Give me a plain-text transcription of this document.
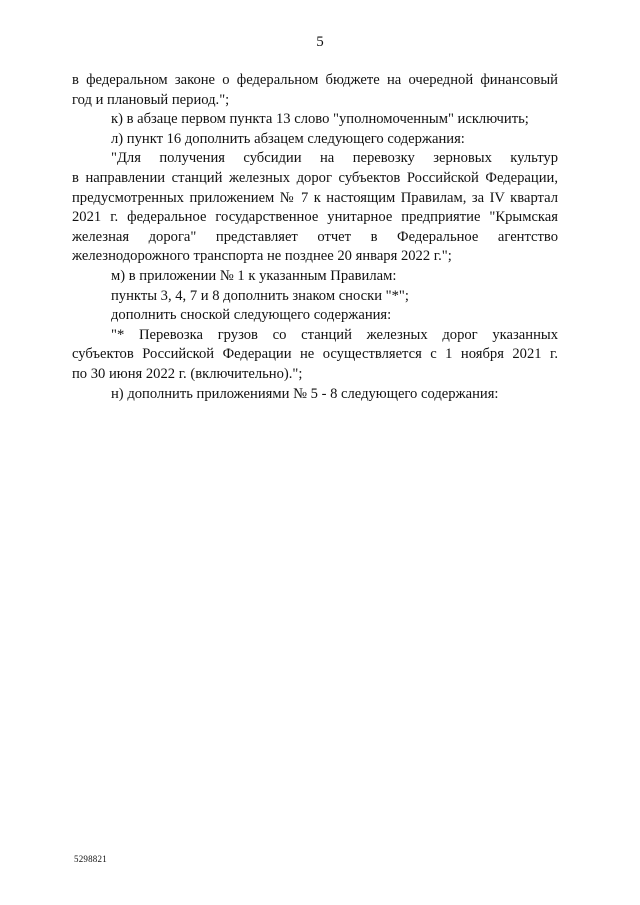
5

в федеральном законе о федеральном бюджете на очередной финансовый

год и плановый период.";

к) в абзаце первом пункта 13 слово "уполномоченным" исключить;

л) пункт 16 дополнить абзацем следующего содержания:

"Для получения субсидии на перевозку зерновых культур

в направлении станций железных дорог субъектов Российской Федерации,

предусмотренных приложением № 7 к настоящим Правилам, за IV квартал

2021 г. федеральное государственное унитарное предприятие "Крымская

железная дорога" представляет отчет в Федеральное агентство

железнодорожного транспорта не позднее 20 января 2022 г.";

м) в приложении № 1 к указанным Правилам:

пункты 3, 4, 7 и 8 дополнить знаком сноски "*";

дополнить сноской следующего содержания:

"* Перевозка грузов со станций железных дорог указанных

субъектов Российской Федерации не осуществляется с 1 ноября 2021 г.

по 30 июня 2022 г. (включительно).";

н) дополнить приложениями № 5 - 8 следующего содержания:

5298821
